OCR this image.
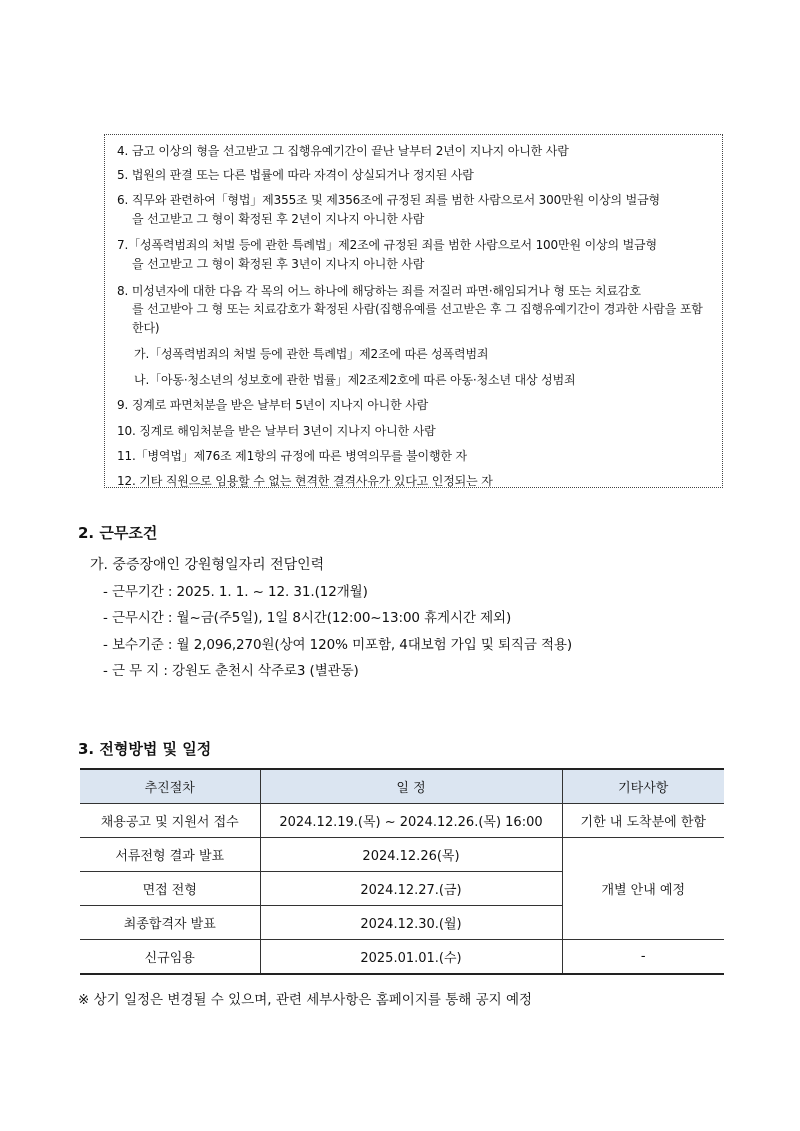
4. 금고 이상의 형을 선고받고 그 집행유예기간이 끝난 날부터 2년이 지나지 아니한 사람
5. 법원의 판결 또는 다른 법률에 따라 자격이 상실되거나 정지된 사람
6. 직무와 관련하여「형법」제355조 및 제356조에 규정된 죄를 범한 사람으로서 300만원 이상의 벌금형
을 선고받고 그 형이 확정된 후 2년이 지나지 아니한 사람
7.「성폭력범죄의 처벌 등에 관한 특례법」제2조에 규정된 죄를 범한 사람으로서 100만원 이상의 벌금형
을 선고받고 그 형이 확정된 후 3년이 지나지 아니한 사람
8. 미성년자에 대한 다음 각 목의 어느 하나에 해당하는 죄를 저질러 파면·해임되거나 형 또는 치료감호
를 선고받아 그 형 또는 치료감호가 확정된 사람(집행유예를 선고받은 후 그 집행유예기간이 경과한 사람을 포함
한다)
가.「성폭력범죄의 처벌 등에 관한 특례법」제2조에 따른 성폭력범죄
나.「아동·청소년의 성보호에 관한 법률」제2조제2호에 따른 아동·청소년 대상 성범죄
9. 징계로 파면처분을 받은 날부터 5년이 지나지 아니한 사람
10. 징계로 해임처분을 받은 날부터 3년이 지나지 아니한 사람
11.「병역법」제76조 제1항의 규정에 따른 병역의무를 불이행한 자
12. 기타 직원으로 임용할 수 없는 현격한 결격사유가 있다고 인정되는 자
2. 근무조건
가. 중증장애인 강원형일자리 전담인력
- 근무기간 : 2025. 1. 1. ~ 12. 31.(12개월)
- 근무시간 : 월~금(주5일), 1일 8시간(12:00~13:00 휴게시간 제외)
- 보수기준 : 월 2,096,270원(상여 120% 미포함, 4대보험 가입 및 퇴직금 적용)
- 근 무 지 : 강원도 춘천시 삭주로3 (별관동)
3. 전형방법 및 일정
추진절차	일 정	기타사항
채용공고 및 지원서 접수	2024.12.19.(목) ~ 2024.12.26.(목) 16:00	기한 내 도착분에 한함
서류전형 결과 발표	2024.12.26(목)	개별 안내 예정
면접 전형	2024.12.27.(금)	
최종합격자 발표	2024.12.30.(월)	
신규임용	2025.01.01.(수)	-
※ 상기 일정은 변경될 수 있으며, 관련 세부사항은 홈페이지를 통해 공지 예정
